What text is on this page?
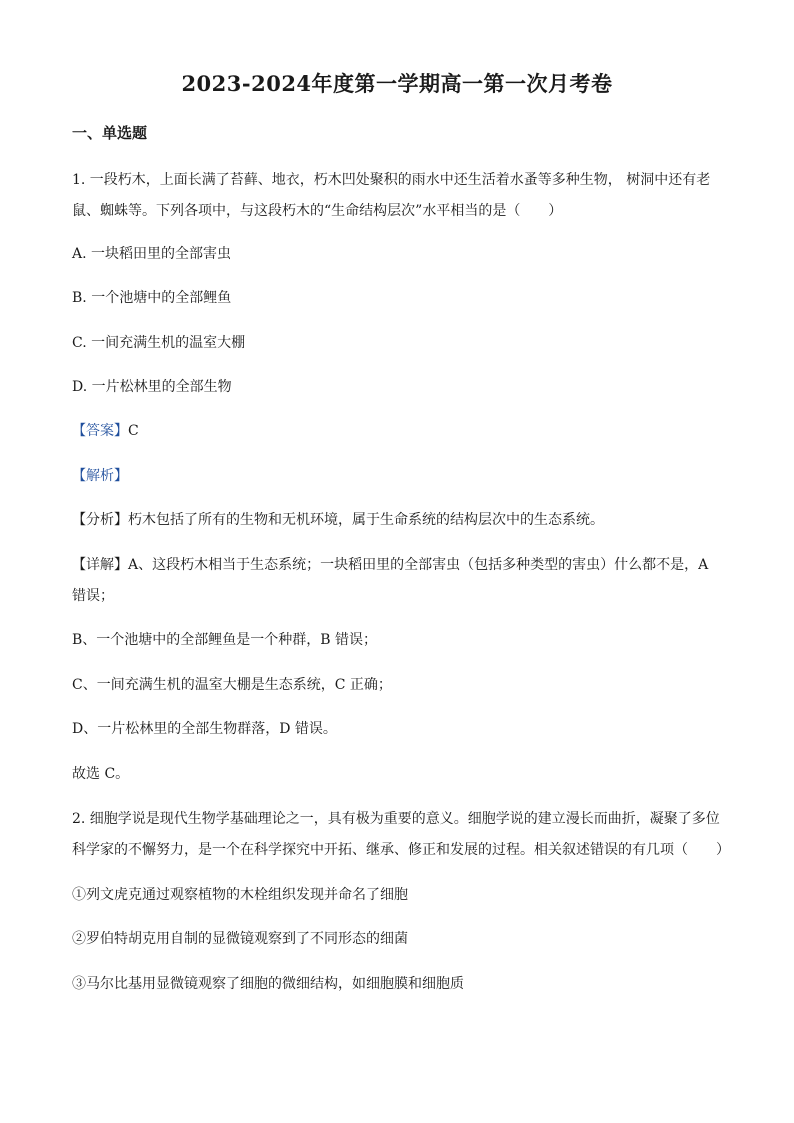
2023-2024年度第一学期高一第一次月考卷
一、单选题
1. 一段朽木，上面长满了苔藓、地衣，朽木凹处聚积的雨水中还生活着水蚤等多种生物， 树洞中还有老
鼠、蜘蛛等。下列各项中，与这段朽木的“生命结构层次”水平相当的是（　　）
A. 一块稻田里的全部害虫
B. 一个池塘中的全部鲤鱼
C. 一间充满生机的温室大棚
D. 一片松林里的全部生物
【答案】C
【解析】
【分析】朽木包括了所有的生物和无机环境，属于生命系统的结构层次中的生态系统。
【详解】A、这段朽木相当于生态系统；一块稻田里的全部害虫（包括多种类型的害虫）什么都不是，A
错误；
B、一个池塘中的全部鲤鱼是一个种群，B 错误；
C、一间充满生机的温室大棚是生态系统，C 正确；
D、一片松林里的全部生物群落，D 错误。
故选 C。
2. 细胞学说是现代生物学基础理论之一，具有极为重要的意义。细胞学说的建立漫长而曲折，凝聚了多位
科学家的不懈努力，是一个在科学探究中开拓、继承、修正和发展的过程。相关叙述错误的有几项（　　）
①列文虎克通过观察植物的木栓组织发现并命名了细胞
②罗伯特胡克用自制的显微镜观察到了不同形态的细菌
③马尔比基用显微镜观察了细胞的微细结构，如细胞膜和细胞质
